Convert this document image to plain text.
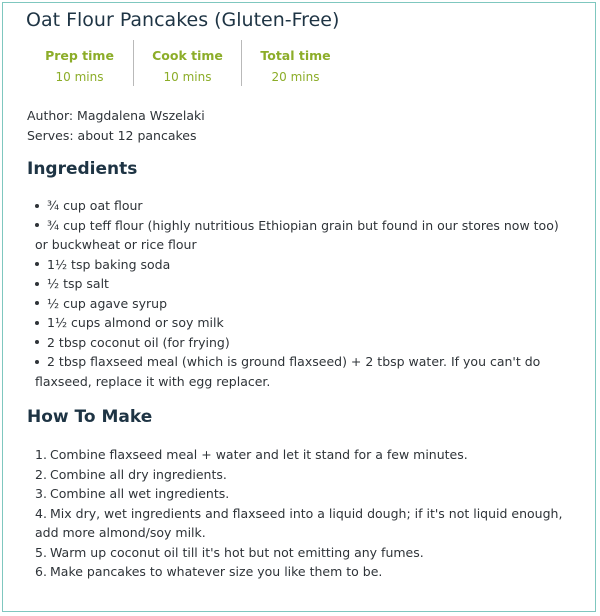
Oat Flour Pancakes (Gluten-Free)
Prep time
10 mins
Cook time
10 mins
Total time
20 mins
Author: Magdalena Wszelaki
Serves: about 12 pancakes
Ingredients
¾ cup oat flour
¾ cup teff flour (highly nutritious Ethiopian grain but found in our stores now too) or buckwheat or rice flour
1½ tsp baking soda
½ tsp salt
½ cup agave syrup
1½ cups almond or soy milk
2 tbsp coconut oil (for frying)
2 tbsp flaxseed meal (which is ground flaxseed) + 2 tbsp water. If you can't do flaxseed, replace it with egg replacer.
How To Make
1. Combine flaxseed meal + water and let it stand for a few minutes.
2. Combine all dry ingredients.
3. Combine all wet ingredients.
4. Mix dry, wet ingredients and flaxseed into a liquid dough; if it's not liquid enough, add more almond/soy milk.
5. Warm up coconut oil till it's hot but not emitting any fumes.
6. Make pancakes to whatever size you like them to be.
